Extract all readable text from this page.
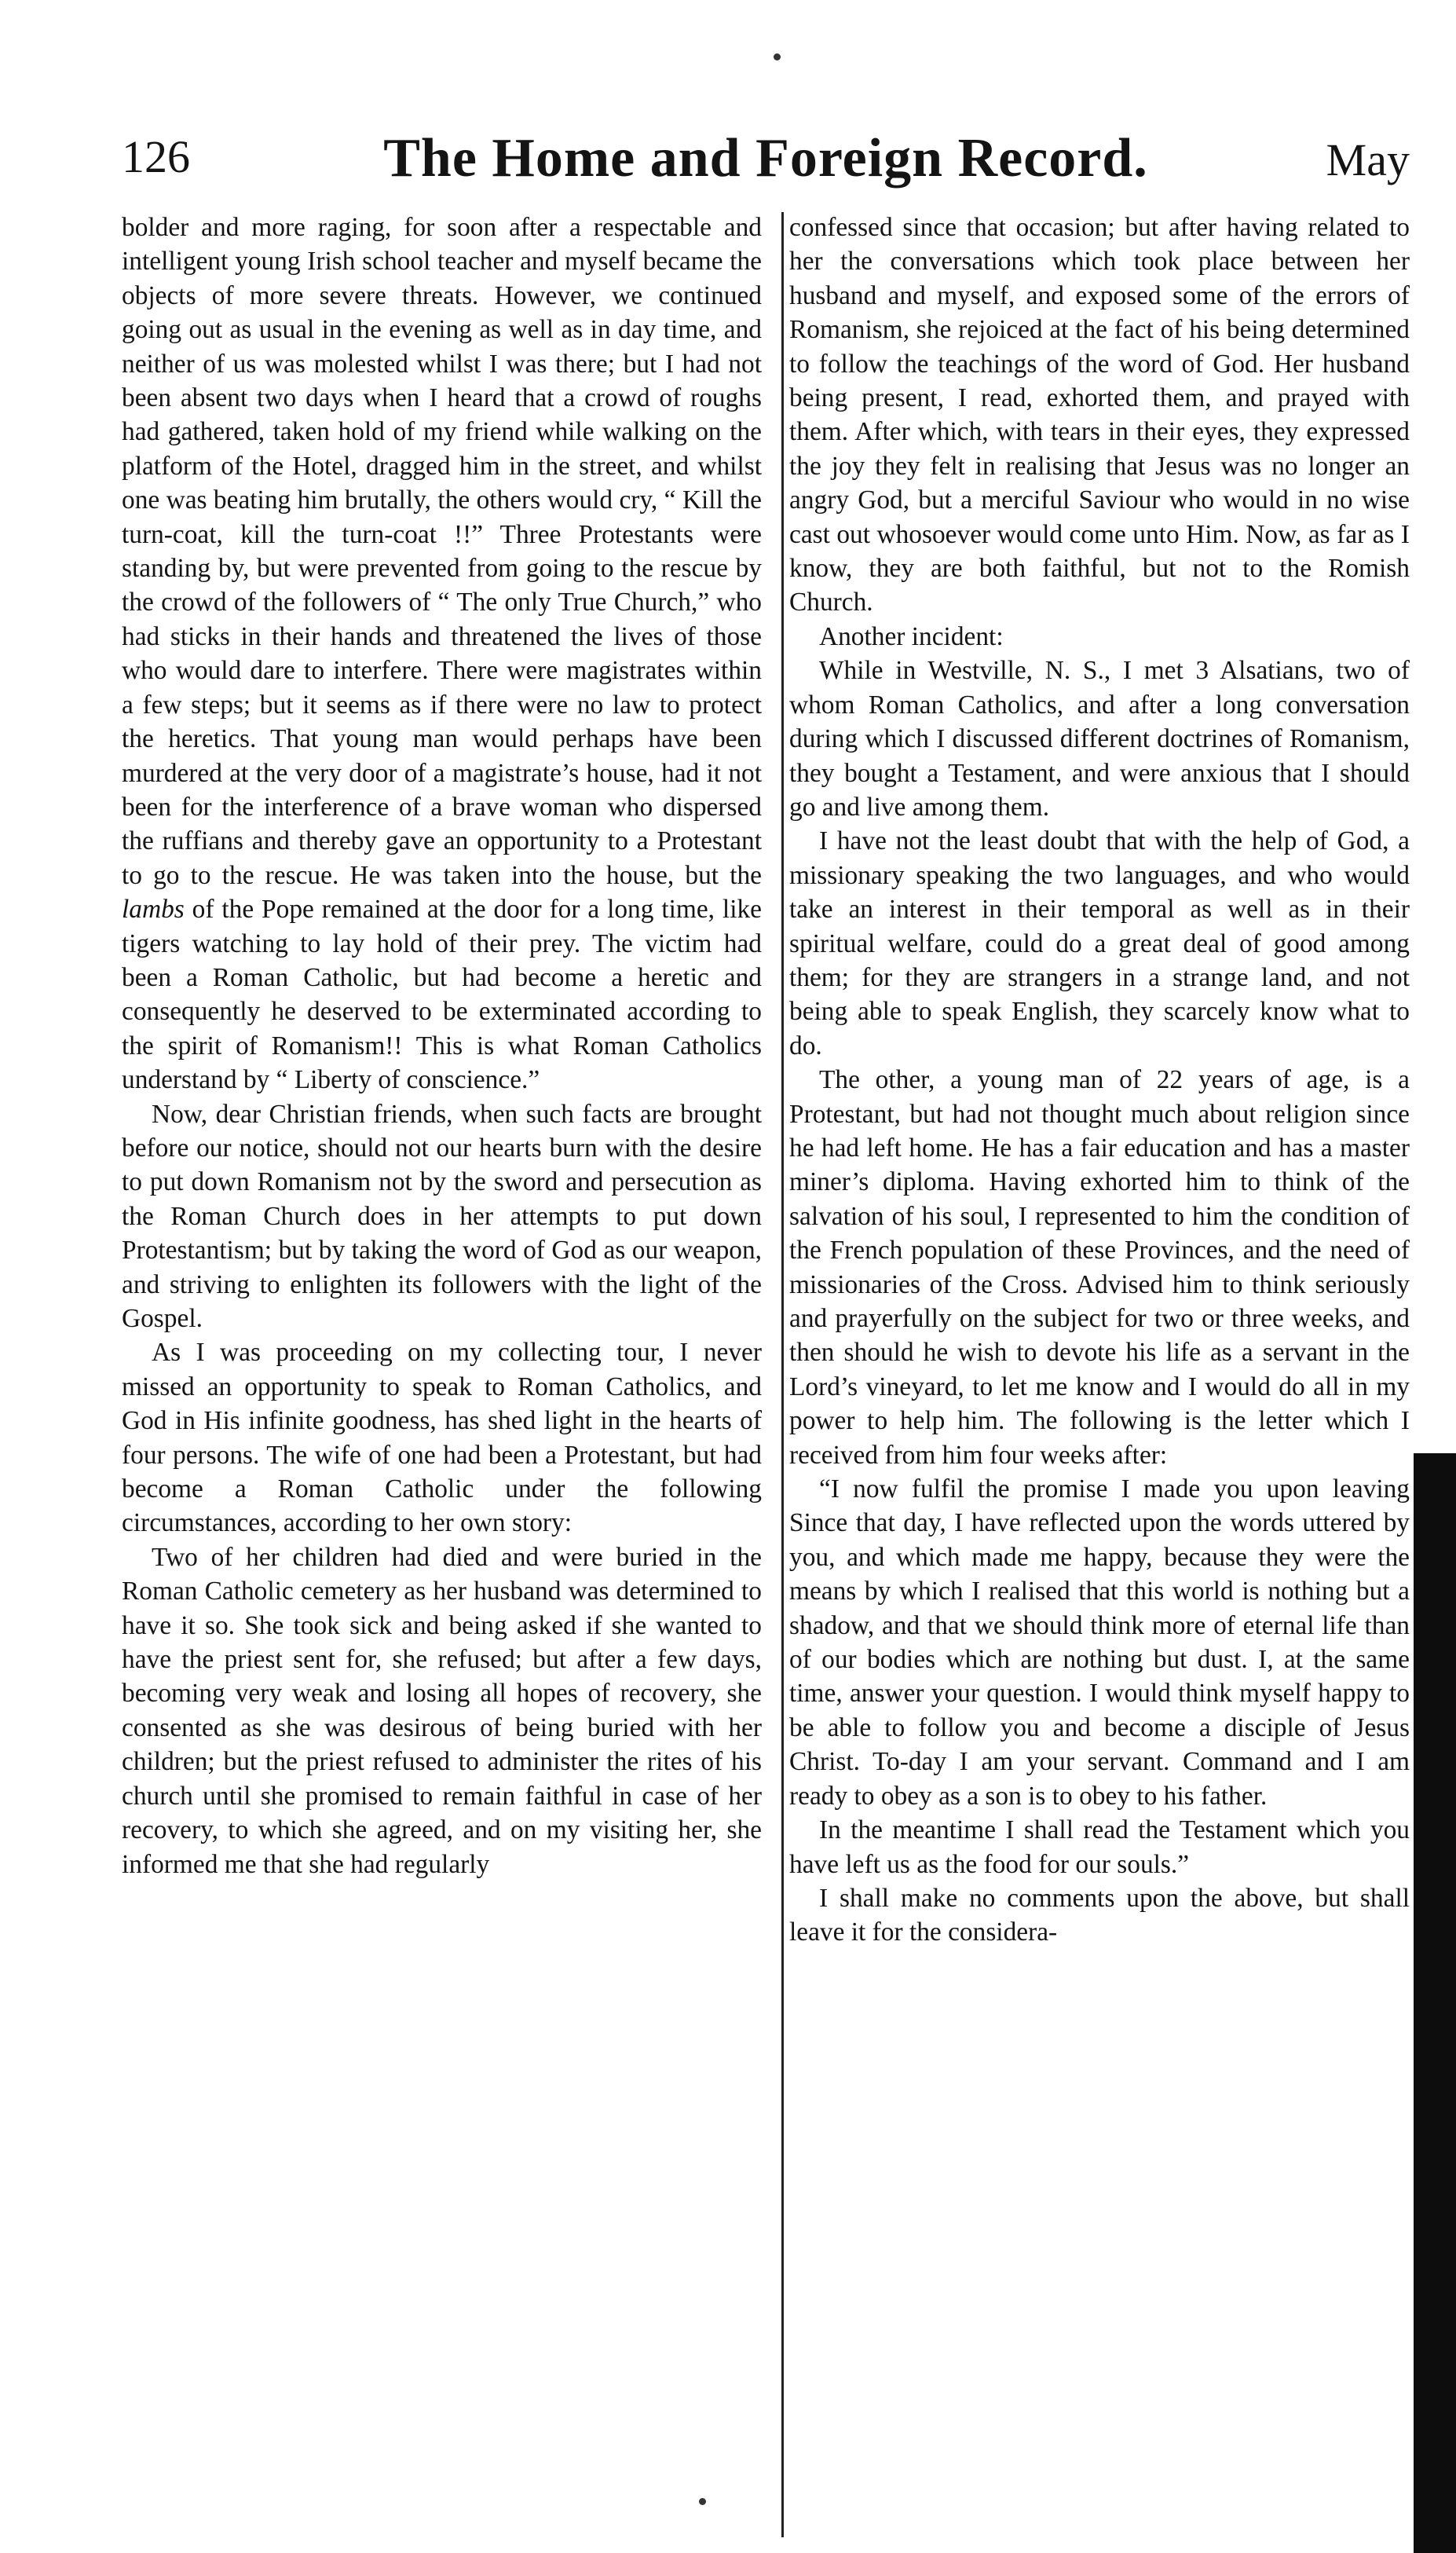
126	The Home and Foreign Record.	May

bolder and more raging, for soon after a respectable and intelligent young Irish school teacher and myself became the objects of more severe threats. However, we continued going out as usual in the evening as well as in day time, and neither of us was molested whilst I was there; but I had not been absent two days when I heard that a crowd of roughs had gathered, taken hold of my friend while walking on the platform of the Hotel, dragged him in the street, and whilst one was beating him brutally, the others would cry, “ Kill the turn-coat, kill the turn-coat !!” Three Protestants were standing by, but were prevented from going to the rescue by the crowd of the followers of “ The only True Church,” who had sticks in their hands and threatened the lives of those who would dare to interfere. There were magistrates within a few steps; but it seems as if there were no law to protect the heretics. That young man would perhaps have been murdered at the very door of a magistrate’s house, had it not been for the interference of a brave woman who dispersed the ruffians and thereby gave an opportunity to a Protestant to go to the rescue. He was taken into the house, but the lambs of the Pope remained at the door for a long time, like tigers watching to lay hold of their prey. The victim had been a Roman Catholic, but had become a heretic and consequently he deserved to be exterminated according to the spirit of Romanism!! This is what Roman Catholics understand by “ Liberty of conscience.”

Now, dear Christian friends, when such facts are brought before our notice, should not our hearts burn with the desire to put down Romanism not by the sword and persecution as the Roman Church does in her attempts to put down Protestantism; but by taking the word of God as our weapon, and striving to enlighten its followers with the light of the Gospel.

As I was proceeding on my collecting tour, I never missed an opportunity to speak to Roman Catholics, and God in His infinite goodness, has shed light in the hearts of four persons. The wife of one had been a Protestant, but had become a Roman Catholic under the following circumstances, according to her own story:

Two of her children had died and were buried in the Roman Catholic cemetery as her husband was determined to have it so. She took sick and being asked if she wanted to have the priest sent for, she refused; but after a few days, becoming very weak and losing all hopes of recovery, she consented as she was desirous of being buried with her children; but the priest refused to administer the rites of his church until she promised to remain faithful in case of her recovery, to which she agreed, and on my visiting her, she informed me that she had regularly

confessed since that occasion; but after having related to her the conversations which took place between her husband and myself, and exposed some of the errors of Romanism, she rejoiced at the fact of his being determined to follow the teachings of the word of God. Her husband being present, I read, exhorted them, and prayed with them. After which, with tears in their eyes, they expressed the joy they felt in realising that Jesus was no longer an angry God, but a merciful Saviour who would in no wise cast out whosoever would come unto Him. Now, as far as I know, they are both faithful, but not to the Romish Church.

Another incident:

While in Westville, N. S., I met 3 Alsatians, two of whom Roman Catholics, and after a long conversation during which I discussed different doctrines of Romanism, they bought a Testament, and were anxious that I should go and live among them.

I have not the least doubt that with the help of God, a missionary speaking the two languages, and who would take an interest in their temporal as well as in their spiritual welfare, could do a great deal of good among them; for they are strangers in a strange land, and not being able to speak English, they scarcely know what to do.

The other, a young man of 22 years of age, is a Protestant, but had not thought much about religion since he had left home. He has a fair education and has a master miner’s diploma. Having exhorted him to think of the salvation of his soul, I represented to him the condition of the French population of these Provinces, and the need of missionaries of the Cross. Advised him to think seriously and prayerfully on the subject for two or three weeks, and then should he wish to devote his life as a servant in the Lord’s vineyard, to let me know and I would do all in my power to help him. The following is the letter which I received from him four weeks after:

“I now fulfil the promise I made you upon leaving Since that day, I have reflected upon the words uttered by you, and which made me happy, because they were the means by which I realised that this world is nothing but a shadow, and that we should think more of eternal life than of our bodies which are nothing but dust. I, at the same time, answer your question. I would think myself happy to be able to follow you and become a disciple of Jesus Christ. To-day I am your servant. Command and I am ready to obey as a son is to obey to his father.

In the meantime I shall read the Testament which you have left us as the food for our souls.”

I shall make no comments upon the above, but shall leave it for the considera-
